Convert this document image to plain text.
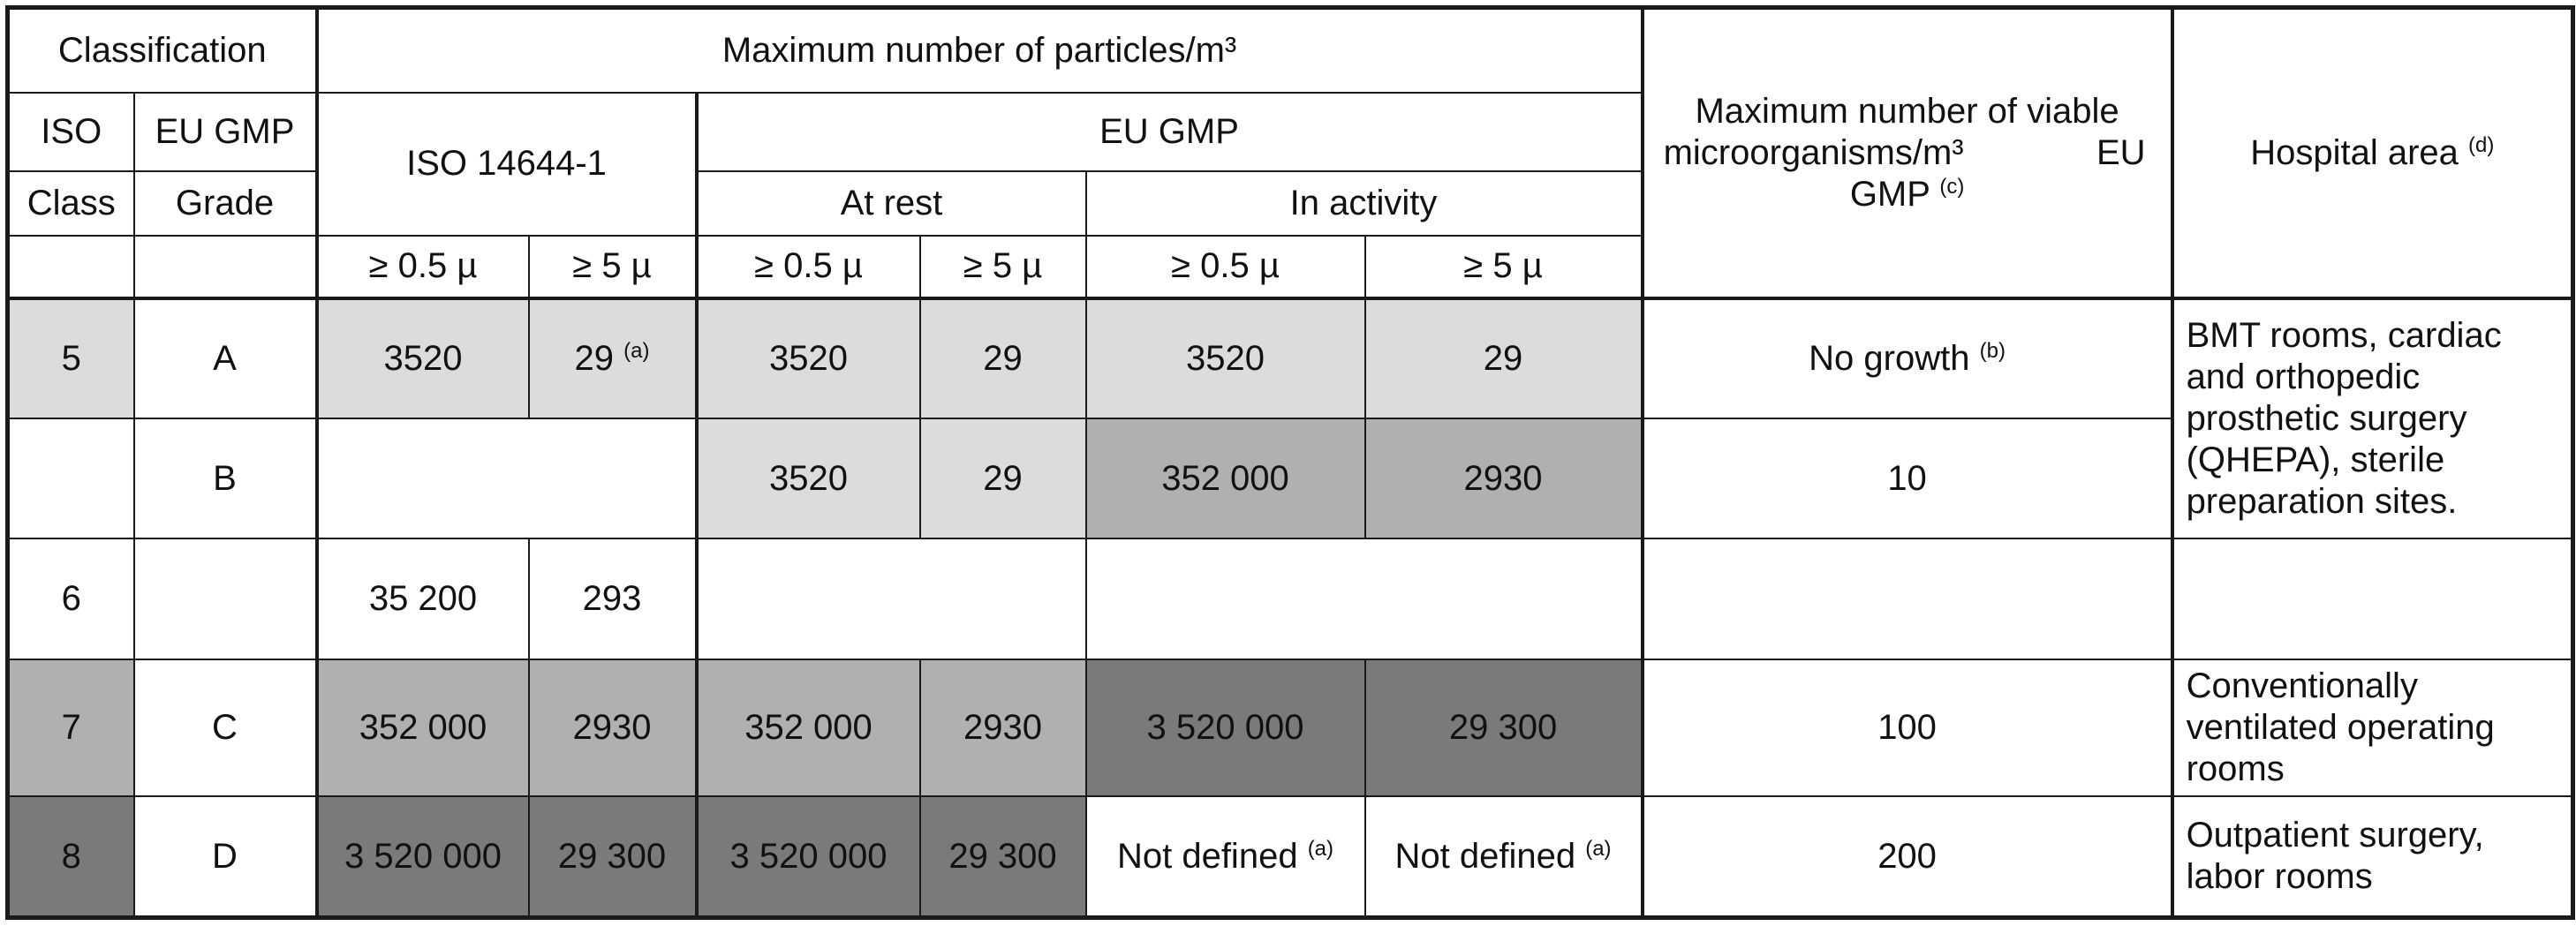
Classification		Maximum number of particles/m³						Maximum number of viable
microorganisms/m³ EU
GMP $^{(c)}$	Hospital area $^{(d)}$
ISO	EU GMP	ISO 14644-1		EU GMP					
Class	Grade			At rest		In activity			
		≥ 0.5 µ	≥ 5 µ	≥ 0.5 µ	≥ 5 µ	≥ 0.5 µ	≥ 5 µ		
5	A	3520	29 $^{(a)}$	3520	29	3520	29	No growth $^{(b)}$	BMT rooms, cardiac
and orthopedic
prosthetic surgery
(QHEPA), sterile
preparation sites.

	B			3520	29	352 000	2930	10	
6		35 200	293						
7	C	352 000	2930	352 000	2930	3 520 000	29 300	100	Conventionally
ventilated operating
rooms

8	D	3 520 000	29 300	3 520 000	29 300	Not defined $^{(a)}$	Not defined $^{(a)}$	200	Outpatient surgery,
labor rooms
